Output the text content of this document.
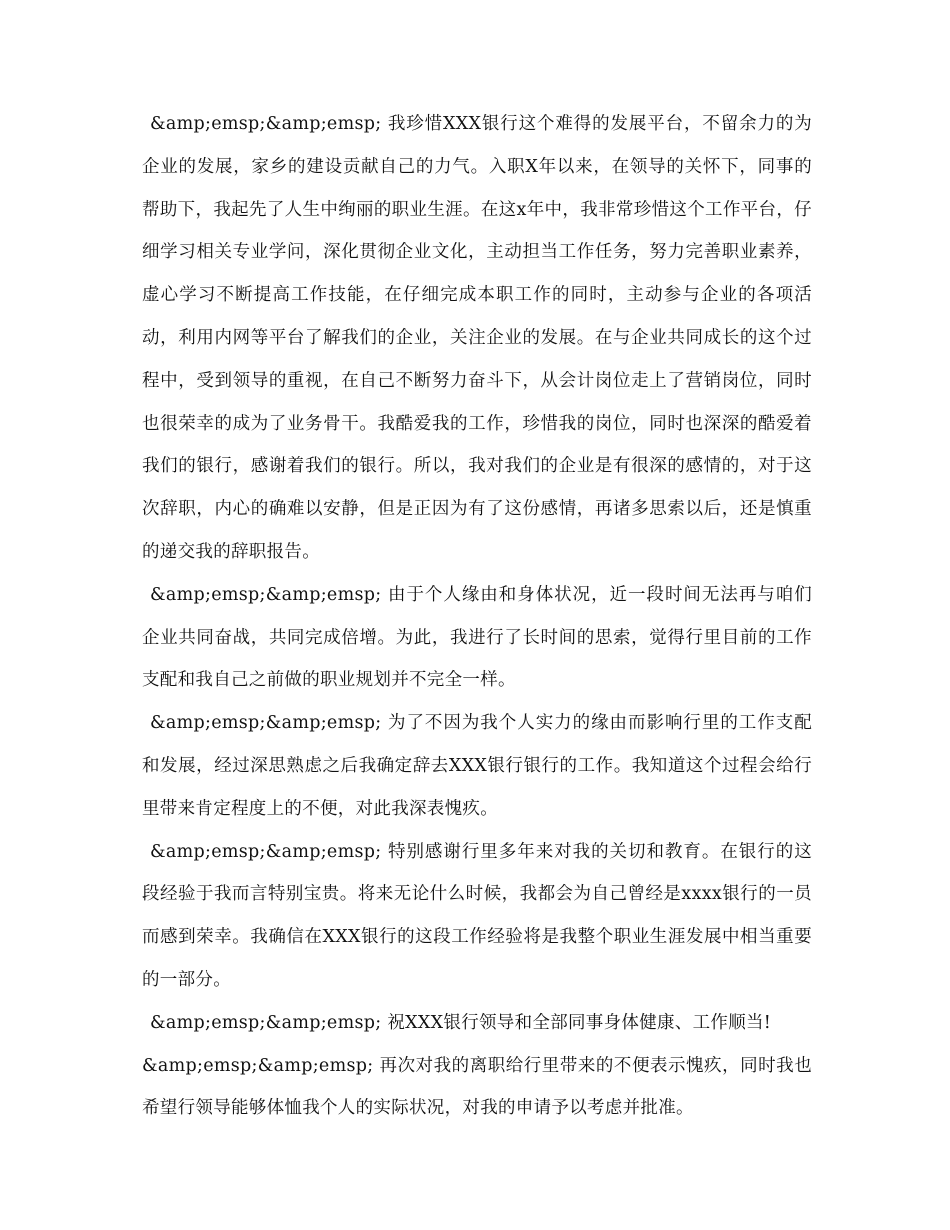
&amp;emsp;&amp;emsp; 我珍惜XXX银行这个难得的发展平台，不留余力的为企业的发展，家乡的建设贡献自己的力气。入职X年以来，在领导的关怀下，同事的帮助下，我起先了人生中绚丽的职业生涯。在这x年中，我非常珍惜这个工作平台，仔细学习相关专业学问，深化贯彻企业文化，主动担当工作任务，努力完善职业素养，虚心学习不断提高工作技能，在仔细完成本职工作的同时，主动参与企业的各项活动，利用内网等平台了解我们的企业，关注企业的发展。在与企业共同成长的这个过程中，受到领导的重视，在自己不断努力奋斗下，从会计岗位走上了营销岗位，同时也很荣幸的成为了业务骨干。我酷爱我的工作，珍惜我的岗位，同时也深深的酷爱着我们的银行，感谢着我们的银行。所以，我对我们的企业是有很深的感情的，对于这次辞职，内心的确难以安静，但是正因为有了这份感情，再诸多思索以后，还是慎重的递交我的辞职报告。

&amp;emsp;&amp;emsp; 由于个人缘由和身体状况，近一段时间无法再与咱们企业共同奋战，共同完成倍增。为此，我进行了长时间的思索，觉得行里目前的工作支配和我自己之前做的职业规划并不完全一样。

&amp;emsp;&amp;emsp; 为了不因为我个人实力的缘由而影响行里的工作支配和发展，经过深思熟虑之后我确定辞去XXX银行银行的工作。我知道这个过程会给行里带来肯定程度上的不便，对此我深表愧疚。

&amp;emsp;&amp;emsp; 特别感谢行里多年来对我的关切和教育。在银行的这段经验于我而言特别宝贵。将来无论什么时候，我都会为自己曾经是xxxx银行的一员而感到荣幸。我确信在XXX银行的这段工作经验将是我整个职业生涯发展中相当重要的一部分。

&amp;emsp;&amp;emsp; 祝XXX银行领导和全部同事身体健康、工作顺当!

&amp;emsp;&amp;emsp; 再次对我的离职给行里带来的不便表示愧疚，同时我也希望行领导能够体恤我个人的实际状况，对我的申请予以考虑并批准。
